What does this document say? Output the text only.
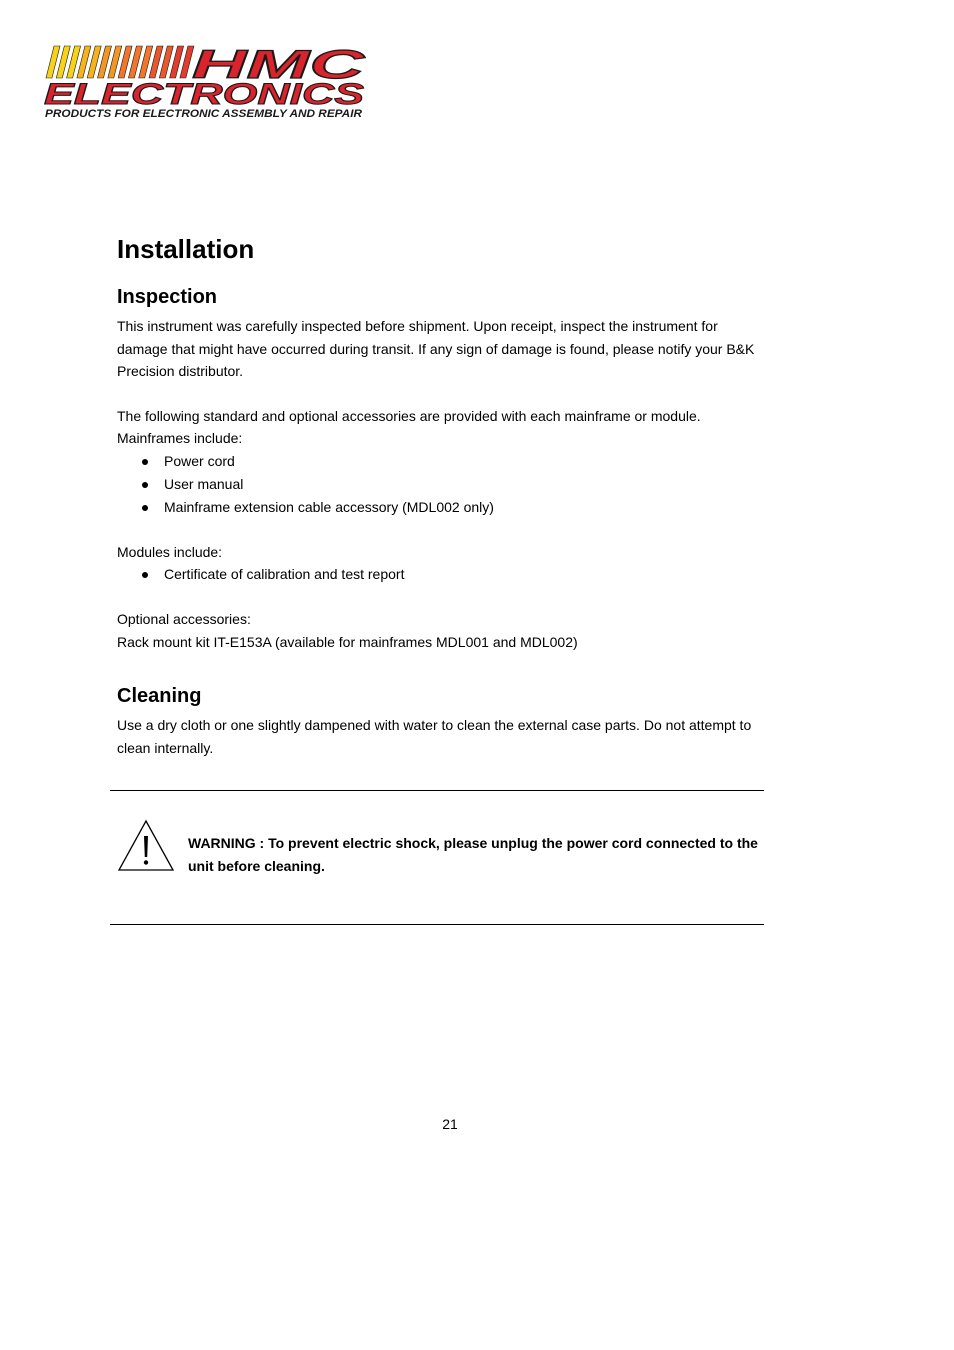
HMC
ELECTRONICS
PRODUCTS FOR ELECTRONIC ASSEMBLY AND REPAIR
Installation
Inspection

This instrument was carefully inspected before shipment. Upon receipt, inspect the instrument for damage that might have occurred during transit. If any sign of damage is found, please notify your B&K Precision distributor.

The following standard and optional accessories are provided with each mainframe or module.

Mainframes include:

Power cord
User manual
Mainframe extension cable accessory (MDL002 only)

Modules include:

Certificate of calibration and test report

Optional accessories:

Rack mount kit IT-E153A (available for mainframes MDL001 and MDL002)

Cleaning

Use a dry cloth or one slightly dampened with water to clean the external case parts. Do not attempt to clean internally.

WARNING : To prevent electric shock, please unplug the power cord connected to the unit before cleaning.
21
